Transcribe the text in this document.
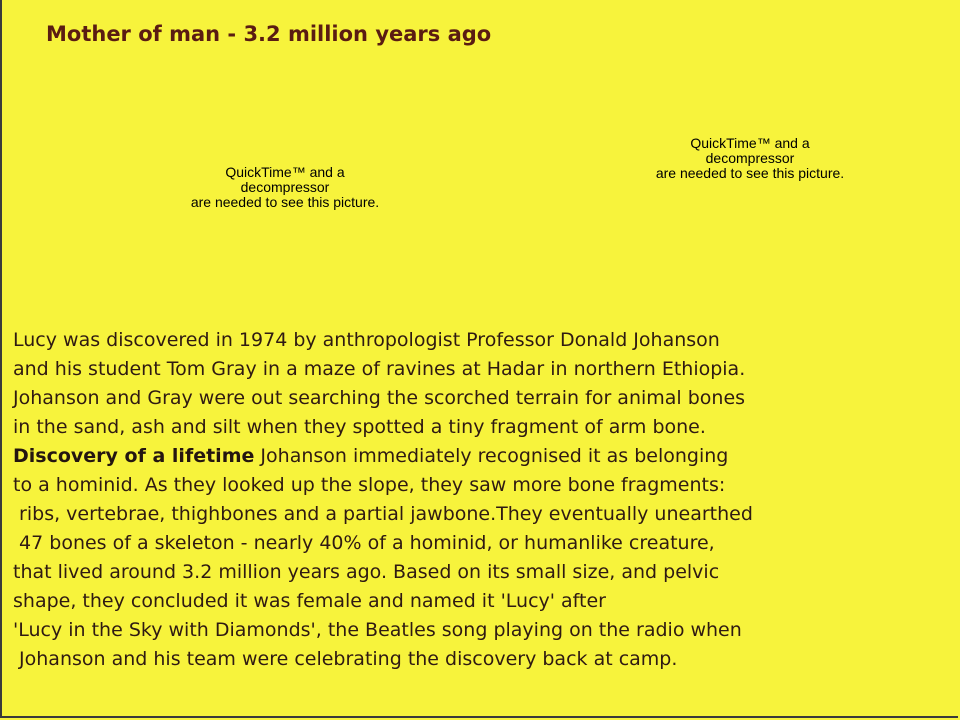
Mother of man - 3.2 million years ago
QuickTime™ and a
decompressor
are needed to see this picture.
QuickTime™ and a
decompressor
are needed to see this picture.
Lucy was discovered in 1974 by anthropologist Professor Donald Johanson
and his student Tom Gray in a maze of ravines at Hadar in northern Ethiopia.
Johanson and Gray were out searching the scorched terrain for animal bones
in the sand, ash and silt when they spotted a tiny fragment of arm bone.
Discovery of a lifetime Johanson immediately recognised it as belonging
to a hominid. As they looked up the slope, they saw more bone fragments:
ribs, vertebrae, thighbones and a partial jawbone.They eventually unearthed
47 bones of a skeleton - nearly 40% of a hominid, or humanlike creature,
that lived around 3.2 million years ago. Based on its small size, and pelvic
shape, they concluded it was female and named it 'Lucy' after
'Lucy in the Sky with Diamonds', the Beatles song playing on the radio when
Johanson and his team were celebrating the discovery back at camp.
